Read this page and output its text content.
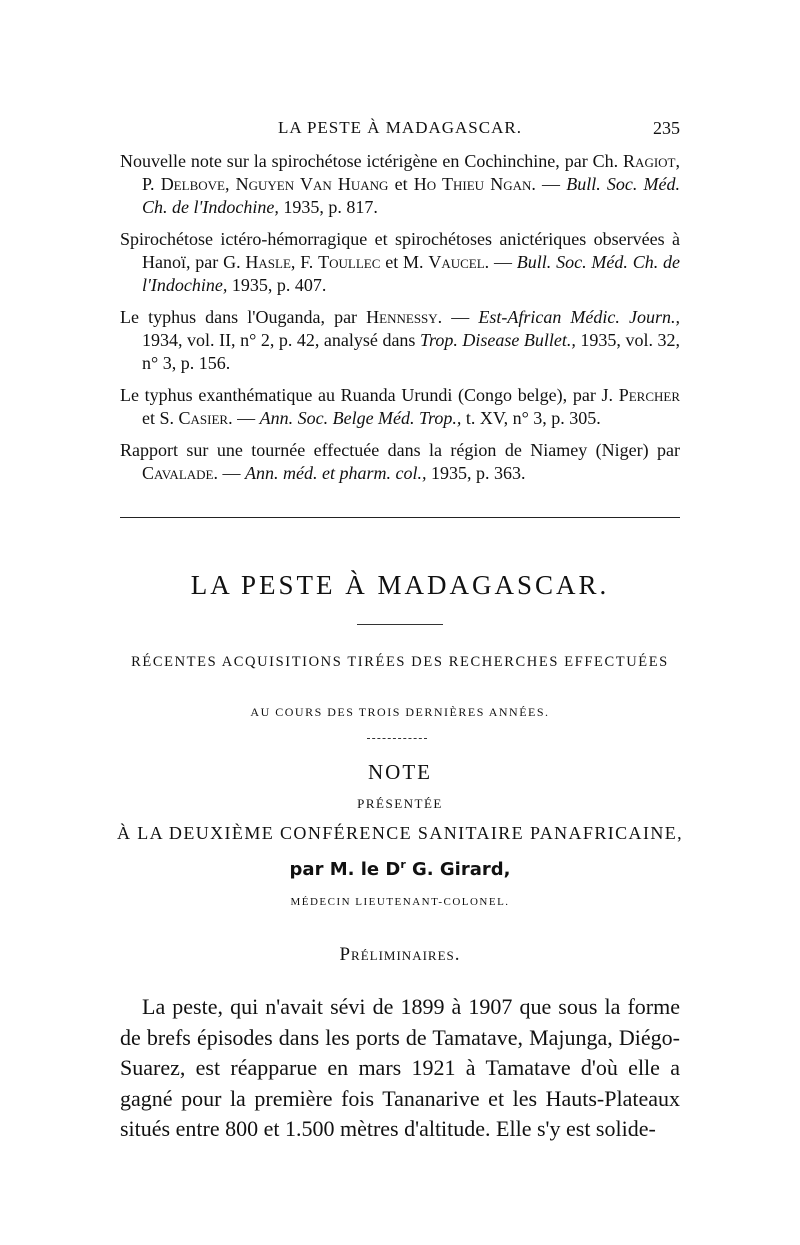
LA PESTE À MADAGASCAR.	235

Nouvelle note sur la spirochétose ictérigène en Cochinchine, par Ch. Ragiot, P. Delbove, Nguyen Van Huang et Ho Thieu Ngan. — Bull. Soc. Méd. Ch. de l'Indochine, 1935, p. 817.

Spirochétose ictéro-hémorragique et spirochétoses anictériques observées à Hanoï, par G. Hasle, F. Toullec et M. Vaucel. — Bull. Soc. Méd. Ch. de l'Indochine, 1935, p. 407.

Le typhus dans l'Ouganda, par Hennessy. — Est-African Médic. Journ., 1934, vol. II, n° 2, p. 42, analysé dans Trop. Disease Bullet., 1935, vol. 32, n° 3, p. 156.

Le typhus exanthématique au Ruanda Urundi (Congo belge), par J. Percher et S. Casier. — Ann. Soc. Belge Méd. Trop., t. XV, n° 3, p. 305.

Rapport sur une tournée effectuée dans la région de Niamey (Niger) par Cavalade. — Ann. méd. et pharm. col., 1935, p. 363.

LA PESTE À MADAGASCAR.
RÉCENTES ACQUISITIONS TIRÉES DES RECHERCHES EFFECTUÉES
AU COURS DES TROIS DERNIÈRES ANNÉES.
NOTE
PRÉSENTÉE
À LA DEUXIÈME CONFÉRENCE SANITAIRE PANAFRICAINE,
par M. le $D^r$ G. Girard,
MÉDECIN LIEUTENANT-COLONEL.
Préliminaires.

La peste, qui n'avait sévi de 1899 à 1907 que sous la forme de brefs épisodes dans les ports de Tamatave, Majunga, Diégo-Suarez, est réapparue en mars 1921 à Tamatave d'où elle a gagné pour la première fois Tananarive et les Hauts-Plateaux situés entre 800 et 1.500 mètres d'altitude. Elle s'y est solide-
